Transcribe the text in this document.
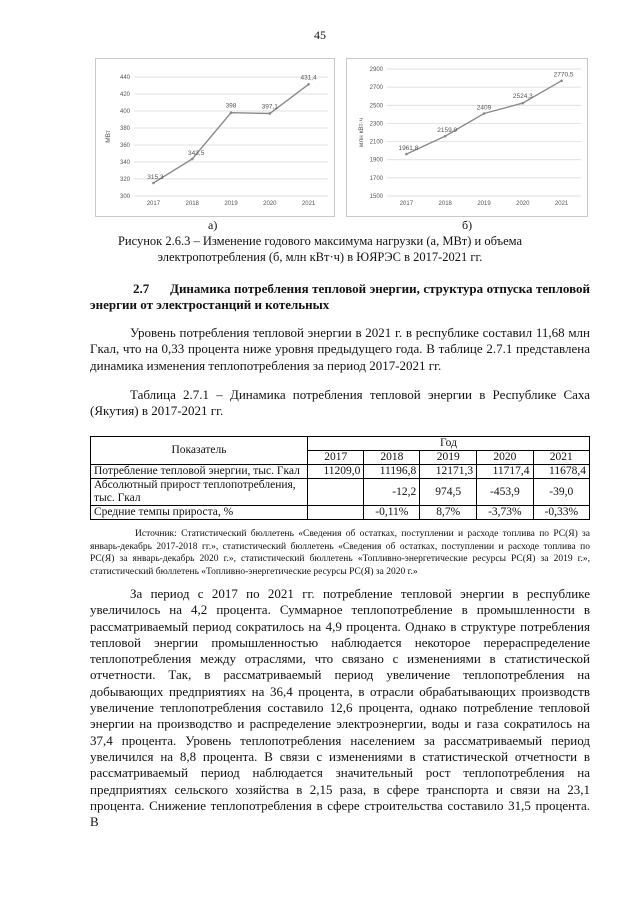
45
300
320
340
360
380
400
420
440
2017	2018	2019	2020	2021
МВт
315,3
343,5
398	397,1
431,4
1500
1700
1900
2100
2300
2500
2700
2900
2017	2018	2019	2020	2021
млн кВт·ч
1961,8
2159,9
2409
2524,3
2770,5
а)	б)
Рисунок 2.6.3 – Изменение годового максимума нагрузки (а, МВт) и объема электропотребления (б, млн кВт·ч) в ЮЯРЭС в 2017-2021 гг.
Динамика потребления тепловой энергии, структура отпуска тепловой энергии от электростанций и котельных
2.7
Уровень потребления тепловой энергии в 2021 г. в республике составил 11,68 млн Гкал, что на 0,33 процента ниже уровня предыдущего года. В таблице 2.7.1 представлена динамика изменения теплопотребления за период 2017-2021 гг.
Таблица 2.7.1 – Динамика потребления тепловой энергии в Республике Саха (Якутия) в 2017-2021 гг.
Показатель	Год				
	2017	2018	2019	2020	2021
Потребление тепловой энергии, тыс. Гкал	11209,0	11196,8	12171,3	11717,4	11678,4
Абсолютный прирост теплопотребления, тыс. Гкал		-12,2	974,5	-453,9	-39,0
Средние темпы прироста, %		-0,11%	8,7%	-3,73%	-0,33%
Источник: Статистический бюллетень «Сведения об остатках, поступлении и расходе топлива по РС(Я) за январь-декабрь 2017-2018 гг.», статистический бюллетень «Сведения об остатках, поступлении и расходе топлива по РС(Я) за январь-декабрь 2020 г.», статистический бюллетень «Топливно-энергетические ресурсы РС(Я) за 2019 г.», статистический бюллетень «Топливно-энергетические ресурсы РС(Я) за 2020 г.»
За период с 2017 по 2021 гг. потребление тепловой энергии в республике увеличилось на 4,2 процента. Суммарное теплопотребление в промышленности в рассматриваемый период сократилось на 4,9 процента. Однако в структуре потребления тепловой энергии промышленностью наблюдается некоторое перераспределение теплопотребления между отраслями, что связано с изменениями в статистической отчетности. Так, в рассматриваемый период увеличение теплопотребления на добывающих предприятиях на 36,4 процента, в отрасли обрабатывающих производств увеличение теплопотребления составило 12,6 процента, однако потребление тепловой энергии на производство и распределение электроэнергии, воды и газа сократилось на 37,4 процента. Уровень теплопотребления населением за рассматриваемый период увеличился на 8,8 процента. В связи с изменениями в статистической отчетности в рассматриваемый период наблюдается значительный рост теплопотребления на предприятиях сельского хозяйства в 2,15 раза, в сфере транспорта и связи на 23,1 процента. Снижение теплопотребления в сфере строительства составило 31,5 процента. В
